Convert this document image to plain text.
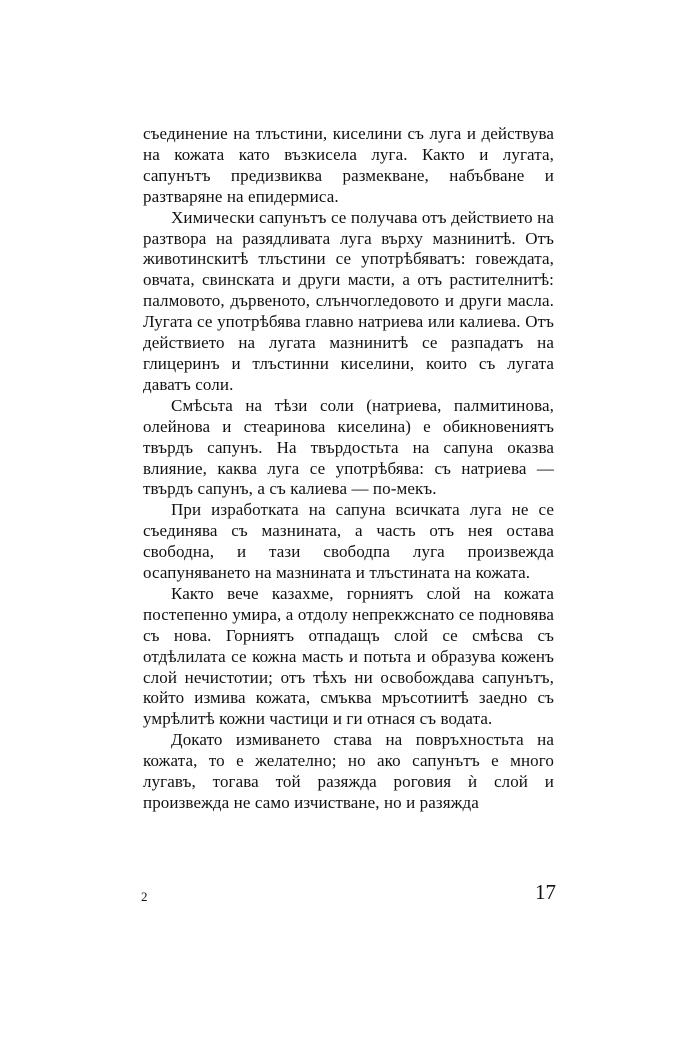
съединение на тлъстини, киселини съ луга и действува на кожата като възкисела луга. Както и лугата, сапунътъ предизвиква размекване, набъбване и разтваряне на епидермиса.

Химически сапунътъ се получава отъ действието на разтвора на разядливата луга върху мазнинитѣ. Отъ животинскитѣ тлъстини се употрѣбяватъ: говеждата, овчата, свинската и други масти, а отъ растителнитѣ: палмовото, дървеното, слънчогледовото и други масла. Лугата се употрѣбява главно натриева или калиева. Отъ действието на лугата мазнинитѣ се разпадатъ на глицеринъ и тлъстинни киселини, които съ лугата даватъ соли.

Смѣсьта на тѣзи соли (натриева, палмитинова, олейнова и стеаринова киселина) е обикновениятъ твърдъ сапунъ. На твърдостьта на сапуна оказва влияние, каква луга се употрѣбява: съ натриева — твърдъ сапунъ, а съ калиева — по-мекъ.

При изработката на сапуна всичката луга не се съединява съ мазнината, а часть отъ нея остава свободна, и тази свободпа луга произвежда осапуняването на мазнината и тлъстината на кожата.

Както вече казахме, горниятъ слой на кожата постепенно умира, а отдолу непрекжснато се подновява съ нова. Горниятъ отпадащъ слой се смѣсва съ отдѣлилата се кожна масть и потьта и образува коженъ слой нечистотии; отъ тѣхъ ни освобождава сапунътъ, който измива кожата, смъква мръсотиитѣ заедно съ умрѣлитѣ кожни частици и ги отнася съ водата.

Докато измиването става на повръхностьта на кожата, то е желателно; но ако сапунътъ е много лугавъ, тогава той разяжда роговия ѝ слой и произвежда не само изчистване, но и разяжда

2	17
